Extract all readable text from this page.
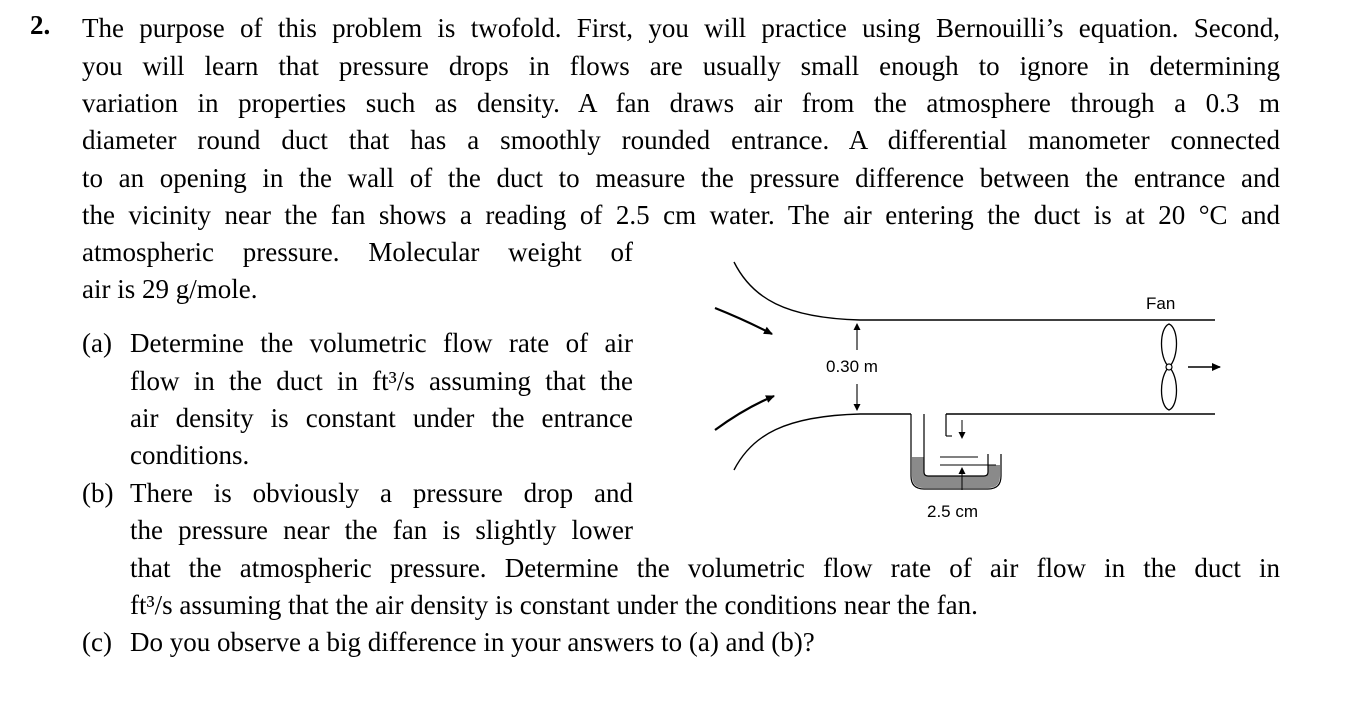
2. The purpose of this problem is twofold. First, you will practice using Bernouilli’s equation. Second,
you will learn that pressure drops in flows are usually small enough to ignore in determining
variation in properties such as density. A fan draws air from the atmosphere through a 0.3 m
diameter round duct that has a smoothly rounded entrance. A differential manometer connected
to an opening in the wall of the duct to measure the pressure difference between the entrance and
the vicinity near the fan shows a reading of 2.5 cm water. The air entering the duct is at 20 °C and
atmospheric pressure. Molecular weight of
air is 29 g/mole.
(a) Determine the volumetric flow rate of air
flow in the duct in ft³/s assuming that the
air density is constant under the entrance
conditions.
(b) There is obviously a pressure drop and
the pressure near the fan is slightly lower
that the atmospheric pressure. Determine the volumetric flow rate of air flow in the duct in
ft³/s assuming that the air density is constant under the conditions near the fan.
(c) Do you observe a big difference in your answers to (a) and (b)?
Fan
0.30 m
2.5 cm
